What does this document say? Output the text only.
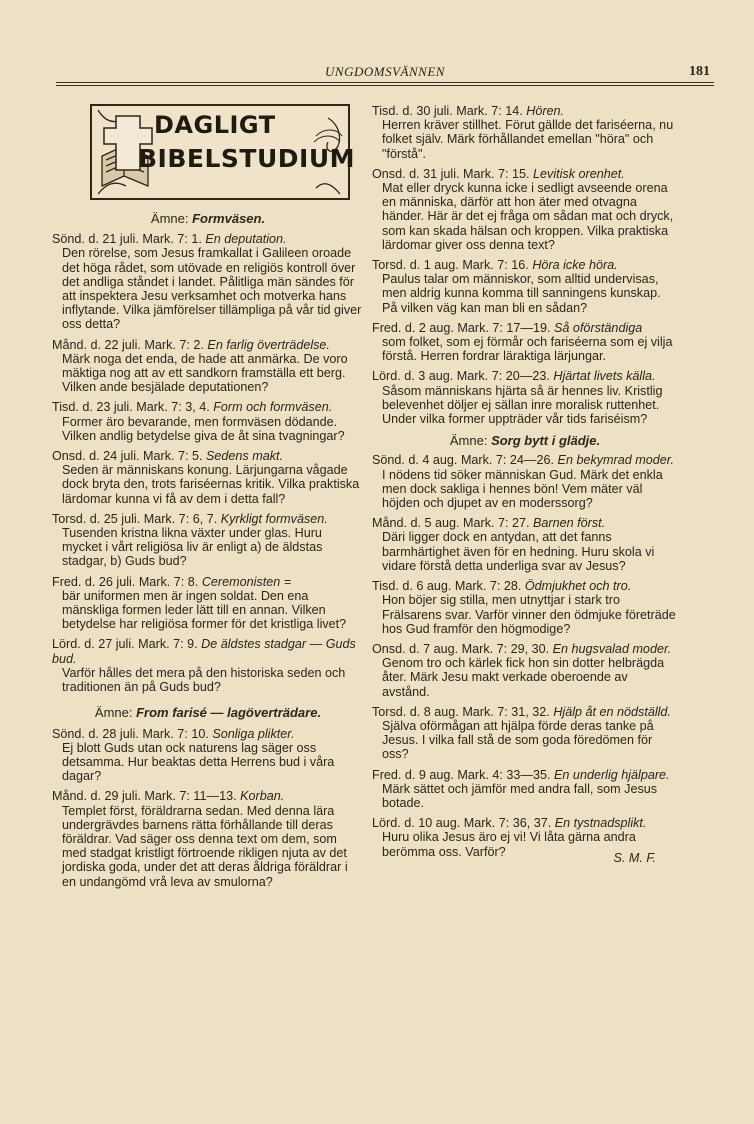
UNGDOMSVÄNNEN	181
DAGLIGT
BIBELSTUDIUM
Ämne: Formväsen.
Sönd. d. 21 juli. Mark. 7: 1. En deputation.
Den rörelse, som Jesus framkallat i Galileen oroade det höga rådet, som utövade en religiös kontroll över det andliga ståndet i landet. Pålitliga män sändes för att inspektera Jesu verksamhet och motverka hans inflytande. Vilka jämförelser tillämpliga på vår tid giver oss detta?
Månd. d. 22 juli. Mark. 7: 2. En farlig överträdelse.
Märk noga det enda, de hade att anmärka. De voro mäktiga nog att av ett sandkorn framställa ett berg. Vilken ande besjälade deputationen?
Tisd. d. 23 juli. Mark. 7: 3, 4. Form och formväsen.
Former äro bevarande, men formväsen dödande. Vilken andlig betydelse giva de åt sina tvagningar?
Onsd. d. 24 juli. Mark. 7: 5. Sedens makt.
Seden är människans konung. Lärjungarna vågade dock bryta den, trots fariséernas kritik. Vilka praktiska lärdomar kunna vi få av dem i detta fall?
Torsd. d. 25 juli. Mark. 7: 6, 7. Kyrkligt formväsen.
Tusenden kristna likna växter under glas. Huru mycket i vårt religiösa liv är enligt a) de äldstas stadgar, b) Guds bud?
Fred. d. 26 juli. Mark. 7: 8. Ceremonisten =
bär uniformen men är ingen soldat. Den ena mänskliga formen leder lätt till en annan. Vilken betydelse har religiösa former för det kristliga livet?
Lörd. d. 27 juli. Mark. 7: 9. De äldstes stadgar — Guds bud.
Varför hålles det mera på den historiska seden och traditionen än på Guds bud?
Ämne: From farisé — lagöverträdare.
Sönd. d. 28 juli. Mark. 7: 10. Sonliga plikter.
Ej blott Guds utan ock naturens lag säger oss detsamma. Hur beaktas detta Herrens bud i våra dagar?
Månd. d. 29 juli. Mark. 7: 11—13. Korban.
Templet först, föräldrarna sedan. Med denna lära undergrävdes barnens rätta förhållande till deras föräldrar. Vad säger oss denna text om dem, som med stadgat kristligt förtroende rikligen njuta av det jordiska goda, under det att deras åldriga föräldrar i en undangömd vrå leva av smulorna?
Tisd. d. 30 juli. Mark. 7: 14. Hören.
Herren kräver stillhet. Förut gällde det fariséerna, nu folket själv. Märk förhållandet emellan "höra" och "förstå".
Onsd. d. 31 juli. Mark. 7: 15. Levitisk orenhet.
Mat eller dryck kunna icke i sedligt avseende orena en människa, därför att hon äter med otvagna händer. Här är det ej fråga om sådan mat och dryck, som kan skada hälsan och kroppen. Vilka praktiska lärdomar giver oss denna text?
Torsd. d. 1 aug. Mark. 7: 16. Höra icke höra.
Paulus talar om människor, som alltid undervisas, men aldrig kunna komma till sanningens kunskap. På vilken väg kan man bli en sådan?
Fred. d. 2 aug. Mark. 7: 17—19. Så oförständiga
som folket, som ej förmår och fariséerna som ej vilja förstå. Herren fordrar läraktiga lärjungar.
Lörd. d. 3 aug. Mark. 7: 20—23. Hjärtat livets källa.
Såsom människans hjärta så är hennes liv. Kristlig belevenhet döljer ej sällan inre moralisk ruttenhet. Under vilka former uppträder vår tids fariséism?
Ämne: Sorg bytt i glädje.
Sönd. d. 4 aug. Mark. 7: 24—26. En bekymrad moder.
I nödens tid söker människan Gud. Märk det enkla men dock sakliga i hennes bön! Vem mäter väl höjden och djupet av en moderssorg?
Månd. d. 5 aug. Mark. 7: 27. Barnen först.
Däri ligger dock en antydan, att det fanns barmhärtighet även för en hedning. Huru skola vi vidare förstå detta underliga svar av Jesus?
Tisd. d. 6 aug. Mark. 7: 28. Ödmjukhet och tro.
Hon böjer sig stilla, men utnyttjar i stark tro Frälsarens svar. Varför vinner den ödmjuke företräde hos Gud framför den högmodige?
Onsd. d. 7 aug. Mark. 7: 29, 30. En hugsvalad moder.
Genom tro och kärlek fick hon sin dotter helbrägda åter. Märk Jesu makt verkade oberoende av avstånd.
Torsd. d. 8 aug. Mark. 7: 31, 32. Hjälp åt en nödställd.
Själva oförmågan att hjälpa förde deras tanke på Jesus. I vilka fall stå de som goda föredömen för oss?
Fred. d. 9 aug. Mark. 4: 33—35. En underlig hjälpare.
Märk sättet och jämför med andra fall, som Jesus botade.
Lörd. d. 10 aug. Mark. 7: 36, 37. En tystnadsplikt.
Huru olika Jesus äro ej vi! Vi låta gärna andra berömma oss. Varför?	S. M. F.
